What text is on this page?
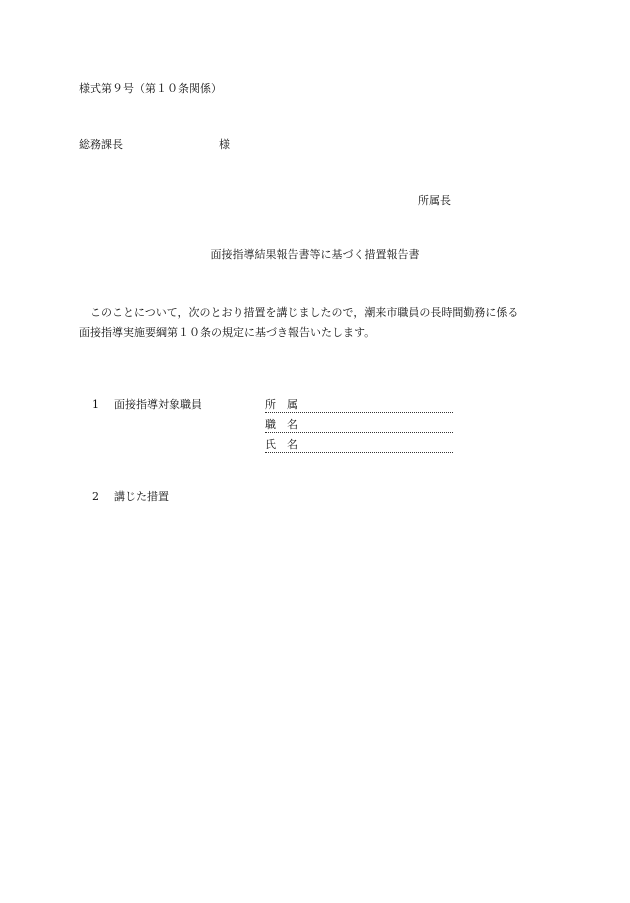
様式第９号（第１０条関係）
総務課長	様
所属長
面接指導結果報告書等に基づく措置報告書
このことについて，次のとおり措置を講じましたので，潮来市職員の長時間勤務に係る
面接指導実施要綱第１０条の規定に基づき報告いたします。
1 面接指導対象職員	所属
職名
氏名
2 講じた措置
